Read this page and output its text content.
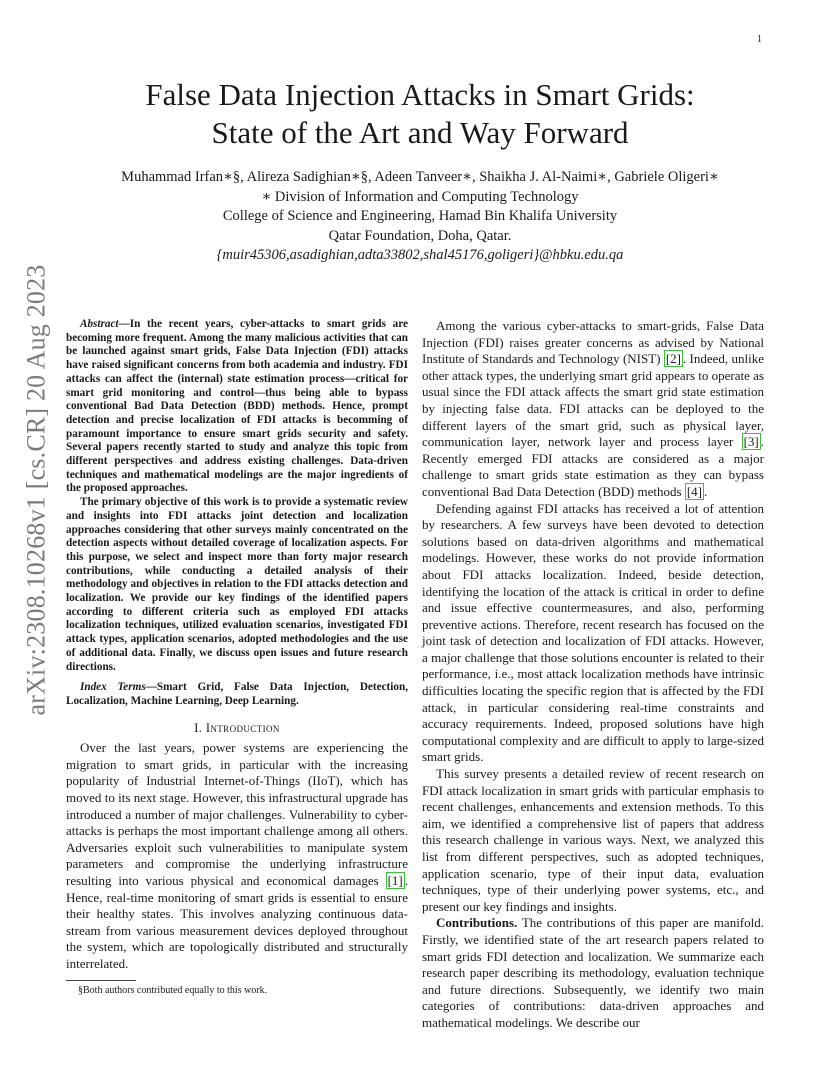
1
arXiv:2308.10268v1 [cs.CR] 20 Aug 2023
False Data Injection Attacks in Smart Grids:
State of the Art and Way Forward
Muhammad Irfan∗§, Alireza Sadighian∗§, Adeen Tanveer∗, Shaikha J. Al-Naimi∗, Gabriele Oligeri∗
∗ Division of Information and Computing Technology
College of Science and Engineering, Hamad Bin Khalifa University
Qatar Foundation, Doha, Qatar.
{muir45306,asadighian,adta33802,shal45176,goligeri}@hbku.edu.qa

Abstract—In the recent years, cyber-attacks to smart grids are becoming more frequent. Among the many malicious activities that can be launched against smart grids, False Data Injection (FDI) attacks have raised significant concerns from both academia and industry. FDI attacks can affect the (internal) state estimation process—critical for smart grid monitoring and control—thus being able to bypass conventional Bad Data Detection (BDD) methods. Hence, prompt detection and precise localization of FDI attacks is becomming of paramount importance to ensure smart grids security and safety. Several papers recently started to study and analyze this topic from different perspectives and address existing challenges. Data-driven techniques and mathematical modelings are the major ingredients of the proposed approaches.

The primary objective of this work is to provide a systematic review and insights into FDI attacks joint detection and localization approaches considering that other surveys mainly concentrated on the detection aspects without detailed coverage of localization aspects. For this purpose, we select and inspect more than forty major research contributions, while conducting a detailed analysis of their methodology and objectives in relation to the FDI attacks detection and localization. We provide our key findings of the identified papers according to different criteria such as employed FDI attacks localization techniques, utilized evaluation scenarios, investigated FDI attack types, application scenarios, adopted methodologies and the use of additional data. Finally, we discuss open issues and future research directions.

Index Terms—Smart Grid, False Data Injection, Detection, Localization, Machine Learning, Deep Learning.
I. Introduction

Over the last years, power systems are experiencing the migration to smart grids, in particular with the increasing popularity of Industrial Internet-of-Things (IIoT), which has moved to its next stage. However, this infrastructural upgrade has introduced a number of major challenges. Vulnerability to cyber-attacks is perhaps the most important challenge among all others. Adversaries exploit such vulnerabilities to manipulate system parameters and compromise the underlying infrastructure resulting into various physical and economical damages [1] . Hence, real-time monitoring of smart grids is essential to ensure their healthy states. This involves analyzing continuous data-stream from various measurement devices deployed throughout the system, which are topologically distributed and structurally interrelated.

§Both authors contributed equally to this work.

Among the various cyber-attacks to smart-grids, False Data Injection (FDI) raises greater concerns as advised by National Institute of Standards and Technology (NIST) [2] . Indeed, unlike other attack types, the underlying smart grid appears to operate as usual since the FDI attack affects the smart grid state estimation by injecting false data. FDI attacks can be deployed to the different layers of the smart grid, such as physical layer, communication layer, network layer and process layer [3] . Recently emerged FDI attacks are considered as a major challenge to smart grids state estimation as they can bypass conventional Bad Data Detection (BDD) methods [4] .

Defending against FDI attacks has received a lot of attention by researchers. A few surveys have been devoted to detection solutions based on data-driven algorithms and mathematical modelings. However, these works do not provide information about FDI attacks localization. Indeed, beside detection, identifying the location of the attack is critical in order to define and issue effective countermeasures, and also, performing preventive actions. Therefore, recent research has focused on the joint task of detection and localization of FDI attacks. However, a major challenge that those solutions encounter is related to their performance, i.e., most attack localization methods have intrinsic difficulties locating the specific region that is affected by the FDI attack, in particular considering real-time constraints and accuracy requirements. Indeed, proposed solutions have high computational complexity and are difficult to apply to large-sized smart grids.

This survey presents a detailed review of recent research on FDI attack localization in smart grids with particular emphasis to recent challenges, enhancements and extension methods. To this aim, we identified a comprehensive list of papers that address this research challenge in various ways. Next, we analyzed this list from different perspectives, such as adopted techniques, application scenario, type of their input data, evaluation techniques, type of their underlying power systems, etc., and present our key findings and insights.

Contributions. The contributions of this paper are manifold. Firstly, we identified state of the art research papers related to smart grids FDI detection and localization. We summarize each research paper describing its methodology, evaluation technique and future directions. Subsequently, we identify two main categories of contributions: data-driven approaches and mathematical modelings. We describe our
